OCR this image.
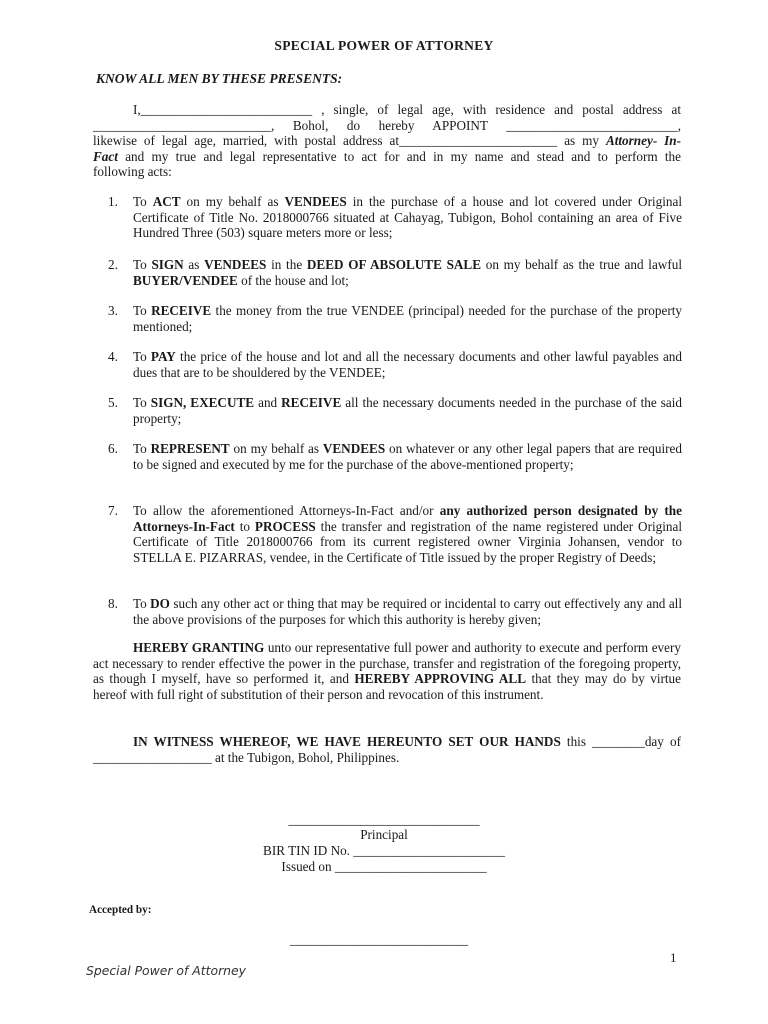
SPECIAL POWER OF ATTORNEY
KNOW ALL MEN BY THESE PRESENTS:
I,__________________________ , single, of legal age, with residence and postal address at
___________________________, Bohol, do hereby APPOINT __________________________,
likewise of legal age, married, with postal address at________________________ as my Attorney- In-
Fact and my true and legal representative to act for and in my name and stead and to perform the
following acts:
1.	To ACT on my behalf as VENDEES in the purchase of a house and lot covered under Original Certificate of Title No. 2018000766 situated at Cahayag, Tubigon, Bohol containing an area of Five Hundred Three (503) square meters more or less;
2.	To SIGN as VENDEES in the DEED OF ABSOLUTE SALE on my behalf as the true and lawful BUYER/VENDEE of the house and lot;
3.	To RECEIVE the money from the true VENDEE (principal) needed for the purchase of the property mentioned;
4.	To PAY the price of the house and lot and all the necessary documents and other lawful payables and dues that are to be shouldered by the VENDEE;
5.	To SIGN, EXECUTE and RECEIVE all the necessary documents needed in the purchase of the said property;
6.	To REPRESENT on my behalf as VENDEES on whatever or any other legal papers that are required to be signed and executed by me for the purchase of the above-mentioned property;
7.	To allow the aforementioned Attorneys-In-Fact and/or any authorized person designated by the Attorneys-In-Fact to PROCESS the transfer and registration of the name registered under Original Certificate of Title 2018000766 from its current registered owner Virginia Johansen, vendor to STELLA E. PIZARRAS, vendee, in the Certificate of Title issued by the proper Registry of Deeds;
8.	To DO such any other act or thing that may be required or incidental to carry out effectively any and all the above provisions of the purposes for which this authority is hereby given;
HEREBY GRANTING unto our representative full power and authority to execute and perform every act necessary to render effective the power in the purchase, transfer and registration of the foregoing property, as though I myself, have so performed it, and HEREBY APPROVING ALL that they may do by virtue hereof with full right of substitution of their person and revocation of this instrument.
IN WITNESS WHEREOF, WE HAVE HEREUNTO SET OUR HANDS this ________day of __________________ at the Tubigon, Bohol, Philippines.
_____________________________
Principal
BIR TIN ID No. _______________________
Issued on _______________________
Accepted by:
___________________________
1
Special Power of Attorney
